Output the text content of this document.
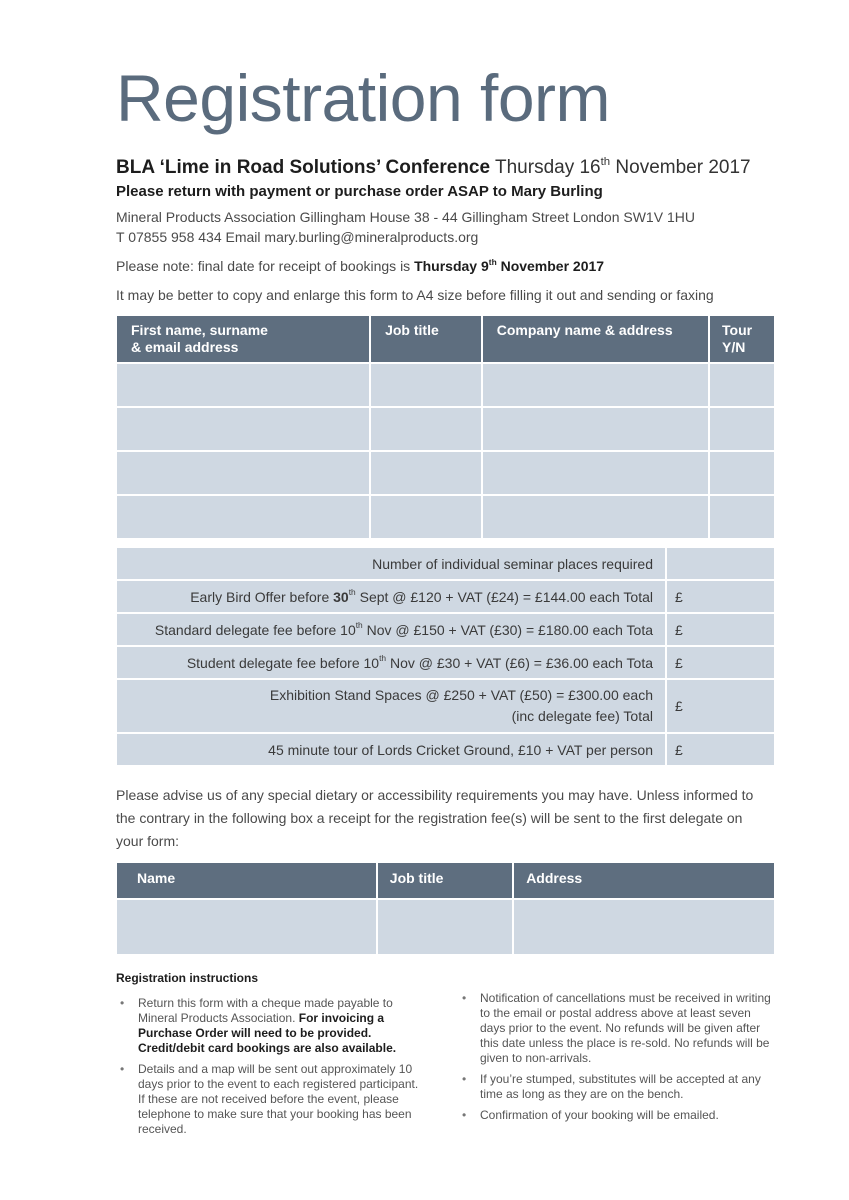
Registration form
BLA ‘Lime in Road Solutions’ Conference Thursday 16th November 2017
Please return with payment or purchase order ASAP to Mary Burling
Mineral Products Association Gillingham House 38 - 44 Gillingham Street London SW1V 1HU
T 07855 958 434 Email mary.burling@mineralproducts.org
Please note: final date for receipt of bookings is Thursday 9th November 2017
It may be better to copy and enlarge this form to A4 size before filling it out and sending or faxing
First name, surname
& email address	Job title	Company name & address	Tour
Y/N

Number of individual seminar places required	
Early Bird Offer before 30th Sept @ £120 + VAT (£24) = £144.00 each Total	£
Standard delegate fee before 10th Nov @ £150 + VAT (£30) = £180.00 each Tota	£
Student delegate fee before 10th Nov @ £30 + VAT (£6) = £36.00 each Tota	£
Exhibition Stand Spaces @ £250 + VAT (£50) = £300.00 each
(inc delegate fee) Total	£
45 minute tour of Lords Cricket Ground, £10 + VAT per person	£

Please advise us of any special dietary or accessibility requirements you may have. Unless informed to the contrary in the following box a receipt for the registration fee(s) will be sent to the first delegate on your form:

Name	Job title	Address

Registration instructions
• Return this form with a cheque made payable to Mineral Products Association. For invoicing a Purchase Order will need to be provided. Credit/debit card bookings are also available.
• Details and a map will be sent out approximately 10 days prior to the event to each registered participant. If these are not received before the event, please telephone to make sure that your booking has been received.
• Notification of cancellations must be received in writing to the email or postal address above at least seven days prior to the event. No refunds will be given after this date unless the place is re-sold. No refunds will be given to non-arrivals.
• If you’re stumped, substitutes will be accepted at any time as long as they are on the bench.
• Confirmation of your booking will be emailed.
